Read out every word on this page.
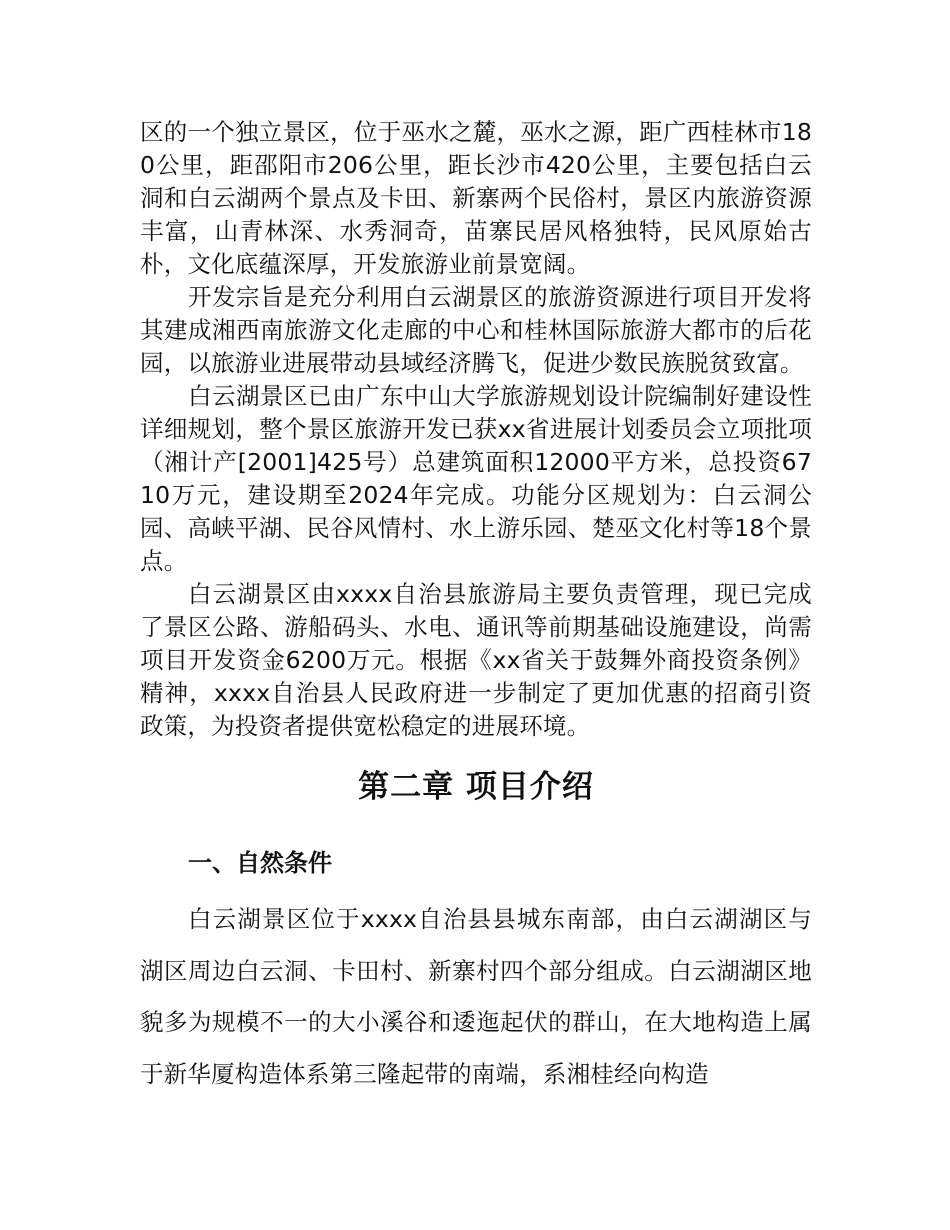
区的一个独立景区，位于巫水之麓，巫水之源，距广西桂林市180公里，距邵阳市206公里，距长沙市420公里，主要包括白云洞和白云湖两个景点及卡田、新寨两个民俗村，景区内旅游资源丰富，山青林深、水秀洞奇，苗寨民居风格独特，民风原始古朴，文化底蕴深厚，开发旅游业前景宽阔。

开发宗旨是充分利用白云湖景区的旅游资源进行项目开发将其建成湘西南旅游文化走廊的中心和桂林国际旅游大都市的后花园，以旅游业进展带动县域经济腾飞，促进少数民族脱贫致富。

白云湖景区已由广东中山大学旅游规划设计院编制好建设性详细规划，整个景区旅游开发已获xx省进展计划委员会立项批项（湘计产[2001]425号）总建筑面积12000平方米，总投资6710万元，建设期至2024年完成。功能分区规划为：白云洞公园、高峡平湖、民谷风情村、水上游乐园、楚巫文化村等18个景点。

白云湖景区由xxxx自治县旅游局主要负责管理，现已完成了景区公路、游船码头、水电、通讯等前期基础设施建设，尚需项目开发资金6200万元。根据《xx省关于鼓舞外商投资条例》精神，xxxx自治县人民政府进一步制定了更加优惠的招商引资政策，为投资者提供宽松稳定的进展环境。

第二章 项目介绍
一、自然条件

白云湖景区位于xxxx自治县县城东南部，由白云湖湖区与湖区周边白云洞、卡田村、新寨村四个部分组成。白云湖湖区地貌多为规模不一的大小溪谷和逶迤起伏的群山，在大地构造上属于新华厦构造体系第三隆起带的南端，系湘桂经向构造
